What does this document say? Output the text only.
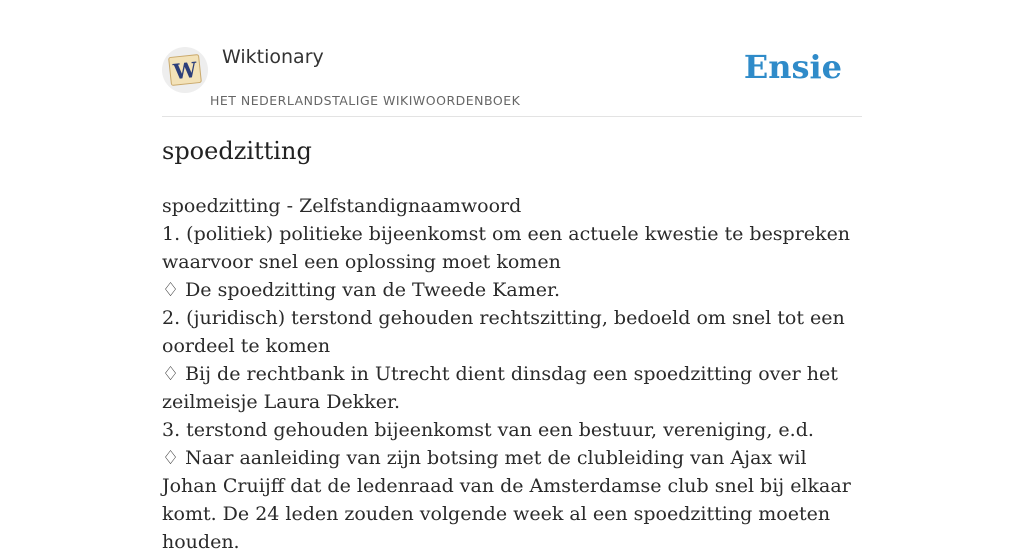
W Wiktionary
HET NEDERLANDSTALIGE WIKIWOORDENBOEK
Ensie
spoedzitting

spoedzitting - Zelfstandignaamwoord

1. (politiek) politieke bijeenkomst om een actuele kwestie te bespreken waarvoor snel een oplossing moet komen

♢ De spoedzitting van de Tweede Kamer.

2. (juridisch) terstond gehouden rechtszitting, bedoeld om snel tot een oordeel te komen

♢ Bij de rechtbank in Utrecht dient dinsdag een spoedzitting over het zeilmeisje Laura Dekker.

3. terstond gehouden bijeenkomst van een bestuur, vereniging, e.d.

♢ Naar aanleiding van zijn botsing met de clubleiding van Ajax wil Johan Cruijff dat de ledenraad van de Amsterdamse club snel bij elkaar komt. De 24 leden zouden volgende week al een spoedzitting moeten houden.
